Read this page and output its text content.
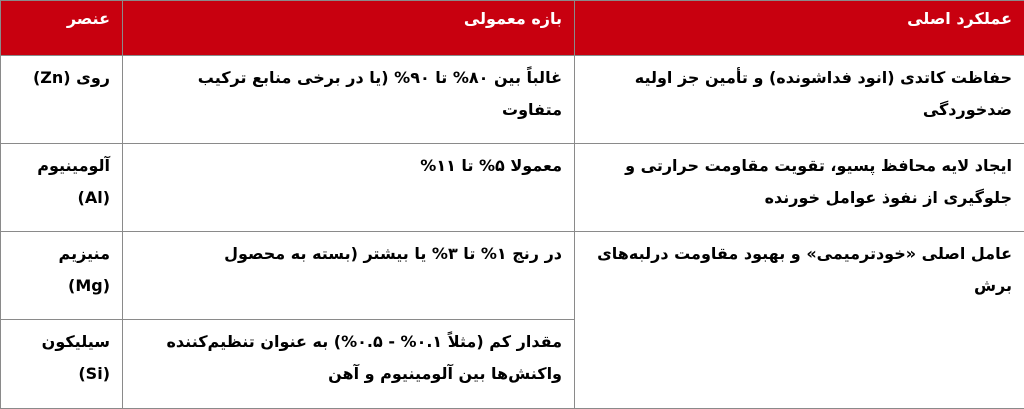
عملکرد اصلی	بازه معمولی	عنصر
حفاظت کاتدی (انود فداشونده) و تأمین جز اولیه ضدخوردگی	غالباً بین ۸۰% تا ۹۰% (یا در برخی منابع ترکیب متفاوت	روی (Zn)

ایجاد لایه محافظ پسیو، تقویت مقاومت حرارتی و جلوگیری از نفوذ عوامل خورنده	معمولا ۵% تا ۱۱%	آلومینیوم
(Al)

عامل اصلی «خودترمیمی» و بهبود مقاومت درلبه‌های برش	در رنج ۱% تا ۳% یا بیشتر (بسته به محصول	منیزیم
(Mg)

	مقدار کم (مثلاً ۰.۱% - ۰.۵%) به عنوان تنظیم‌کننده واکنش‌ها بین آلومینیوم و آهن	سیلیکون
(Si)
